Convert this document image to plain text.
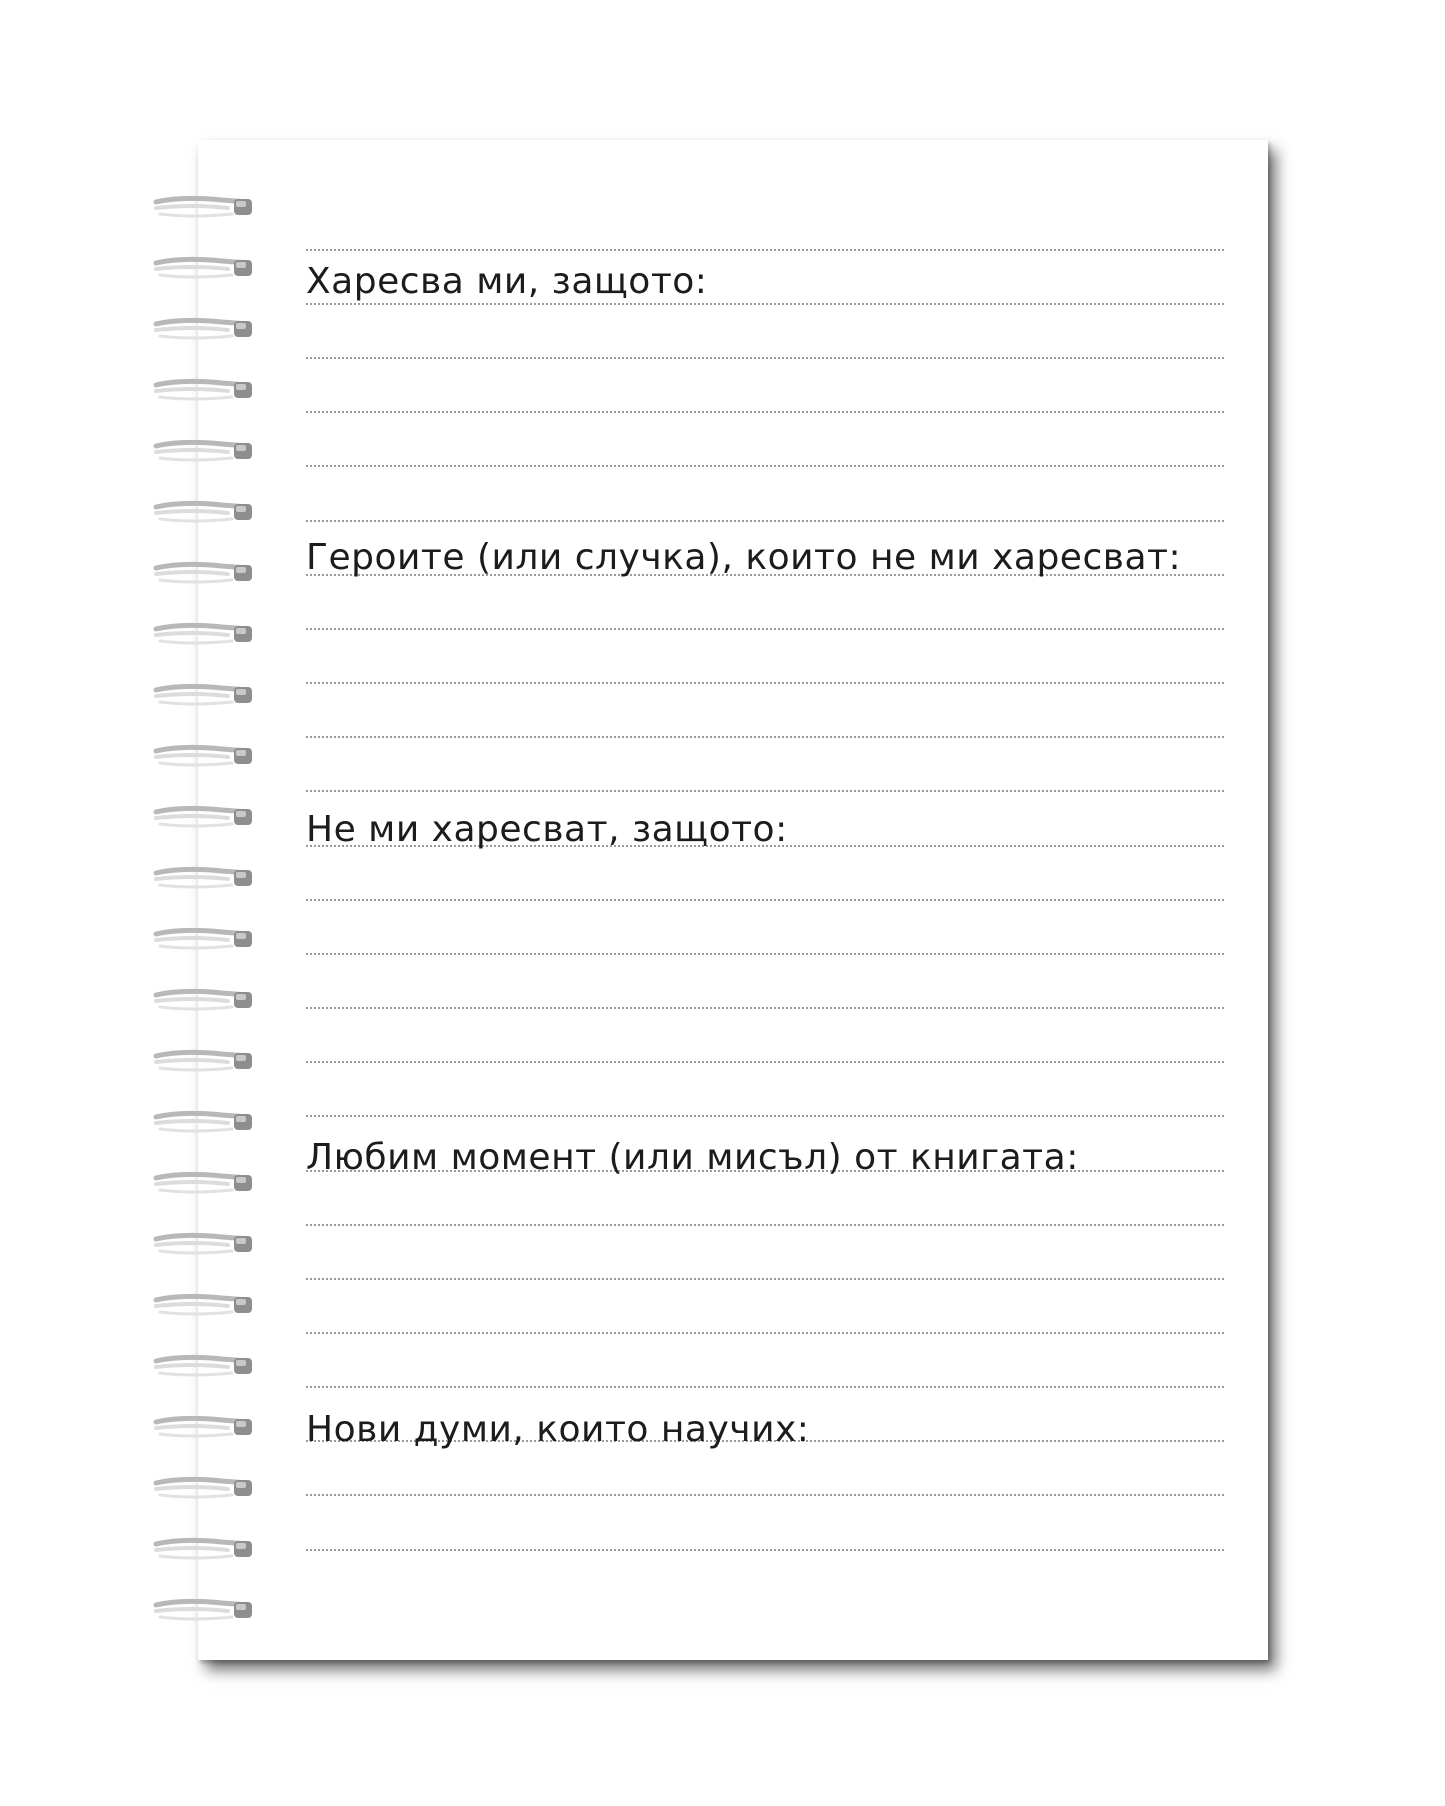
Харесва ми, защото:
Героите (или случка), които не ми харесват:
Не ми харесват, защото:
Любим момент (или мисъл) от книгата:
Нови думи, които научих:
